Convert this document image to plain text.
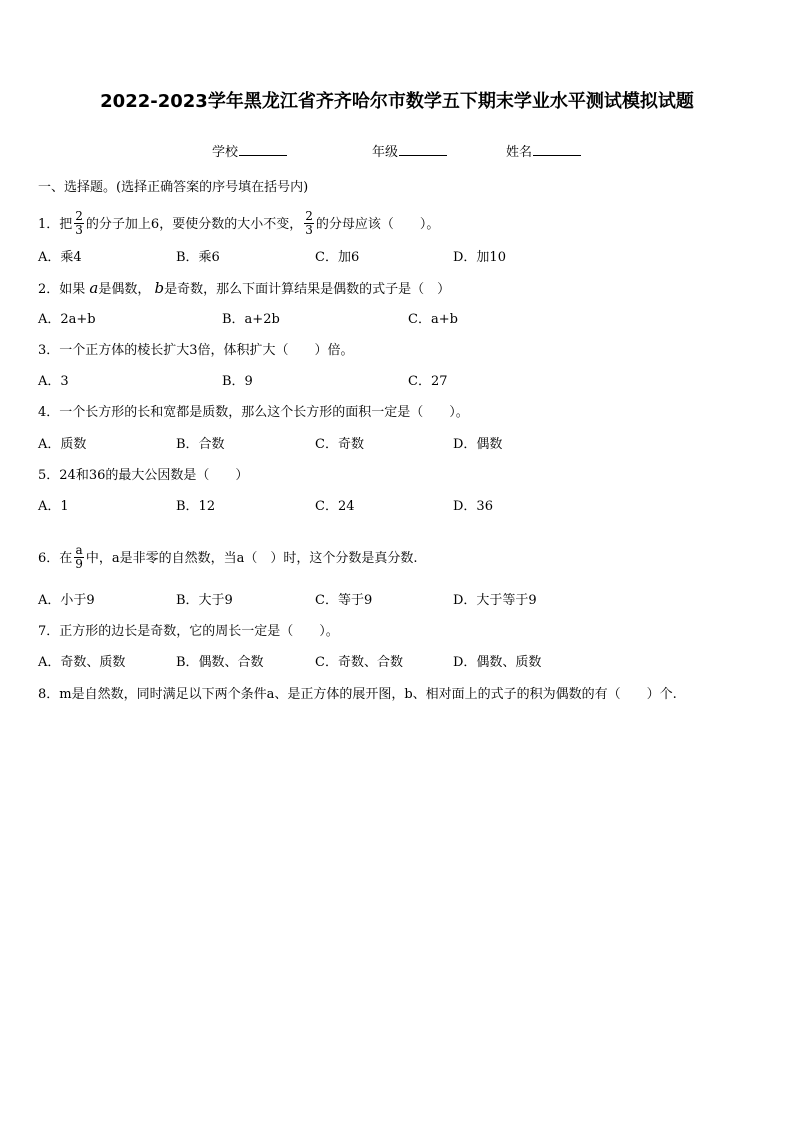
2022-2023学年黑龙江省齐齐哈尔市数学五下期末学业水平测试模拟试题
学校	年级	姓名
一、选择题。(选择正确答案的序号填在括号内)
1．把 $\frac{2}{3}$ 的分子加上6，要使分数的大小不变， $\frac{2}{3}$ 的分母应该（　　）。
A．乘4	B．乘6	C．加6	D．加10
2．如果 a是偶数， b是奇数，那么下面计算结果是偶数的式子是（　）
A．2a+b	B．a+2b	C．a+b
3．一个正方体的棱长扩大3倍，体积扩大（　　）倍。
A．3	B．9	C．27
4．一个长方形的长和宽都是质数，那么这个长方形的面积一定是（　　）。
A．质数	B．合数	C．奇数	D．偶数
5．24和36的最大公因数是（　　）
A．1	B．12	C．24	D．36
6．在 $\frac{a}{9}$ 中，a是非零的自然数，当a（　）时，这个分数是真分数.
A．小于9	B．大于9	C．等于9	D．大于等于9
7．正方形的边长是奇数，它的周长一定是（　　）。
A．奇数、质数	B．偶数、合数	C．奇数、合数	D．偶数、质数
8．m是自然数，同时满足以下两个条件a、是正方体的展开图，b、相对面上的式子的积为偶数的有（　　）个.
